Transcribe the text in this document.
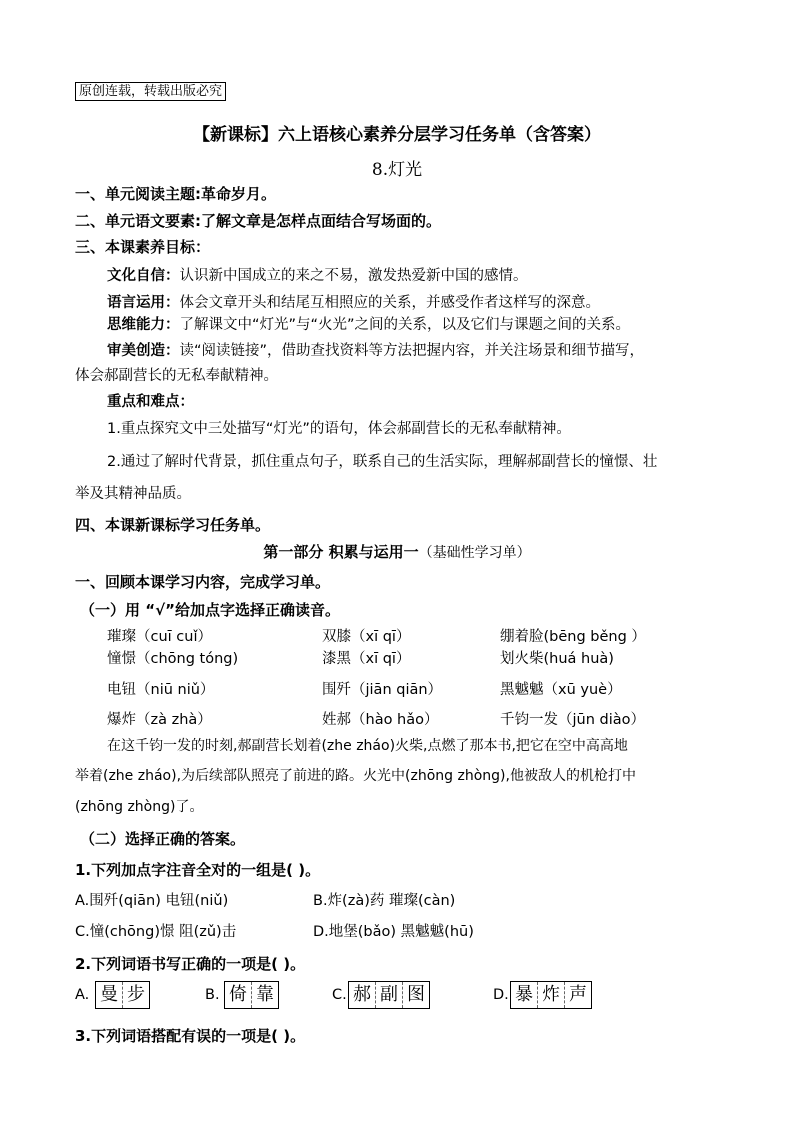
原创连载，转载出版必究
【新课标】六上语核心素养分层学习任务单（含答案）
8.灯光
一、单元阅读主题:革命岁月。
二、单元语文要素:了解文章是怎样点面结合写场面的。
三、本课素养目标：
文化自信：认识新中国成立的来之不易，激发热爱新中国的感情。
语言运用：体会文章开头和结尾互相照应的关系，并感受作者这样写的深意。
思维能力：了解课文中“灯光”与“火光”之间的关系，以及它们与课题之间的关系。
审美创造：读“阅读链接”，借助查找资料等方法把握内容，并关注场景和细节描写，
体会郝副营长的无私奉献精神。
重点和难点：
1.重点探究文中三处描写“灯光”的语句，体会郝副营长的无私奉献精神。
2.通过了解时代背景，抓住重点句子，联系自己的生活实际，理解郝副营长的憧憬、壮
举及其精神品质。
四、本课新课标学习任务单。
第一部分 积累与运用一（基础性学习单）
一、回顾本课学习内容，完成学习单。
（一）用 “√”给加点字选择正确读音。
璀璨（cuī cuǐ）	双膝（xī qī）	绷着脸(bēng běng ）
憧憬（chōng tóng)	漆黑（xī qī）	划火柴(huá huà)
电钮（niū niǔ）	围歼（jiān qiān）	黑魆魆（xū yuè）
爆炸（zà zhà）	姓郝（hào hǎo）	千钧一发（jūn diào）
在这千钧一发的时刻,郝副营长划着(zhe zháo)火柴,点燃了那本书,把它在空中高高地
举着(zhe zháo),为后续部队照亮了前进的路。火光中(zhōng zhòng),他被敌人的机枪打中
(zhōng zhòng)了。
（二）选择正确的答案。
1.下列加点字注音全对的一组是( )。
A.围歼(qiān) 电钮(niǔ)	B.炸(zà)药 璀璨(càn)
C.憧(chōng)憬 阻(zǔ)击	D.地堡(bǎo) 黑魆魆(hū)
2.下列词语书写正确的一项是( )。
A. 曼 步	B. 倚 靠	C. 郝 副 图	D. 暴 炸 声
3.下列词语搭配有误的一项是( )。
